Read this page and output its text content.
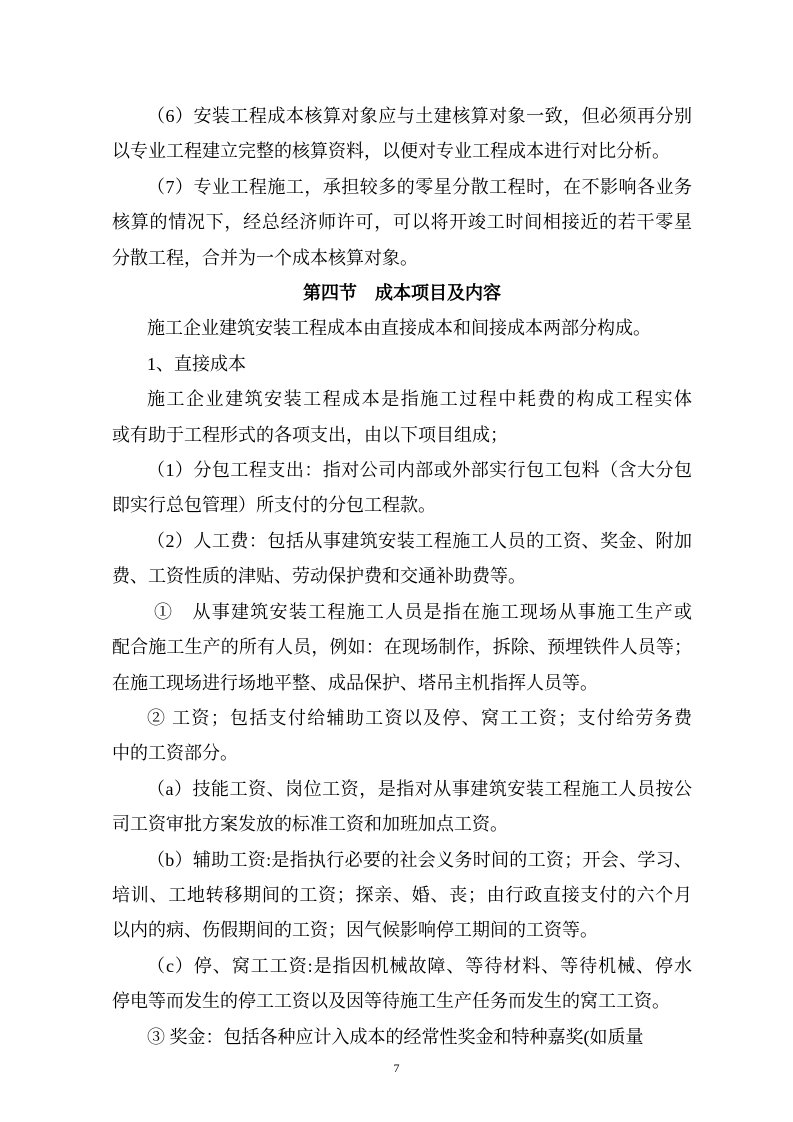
（6）安装工程成本核算对象应与土建核算对象一致，但必须再分别
以专业工程建立完整的核算资料，以便对专业工程成本进行对比分析。
（7）专业工程施工，承担较多的零星分散工程时，在不影响各业务
核算的情况下，经总经济师许可，可以将开竣工时间相接近的若干零星
分散工程，合并为一个成本核算对象。
第四节　成本项目及内容
施工企业建筑安装工程成本由直接成本和间接成本两部分构成。
1、直接成本
施工企业建筑安装工程成本是指施工过程中耗费的构成工程实体
或有助于工程形式的各项支出，由以下项目组成；
（1）分包工程支出：指对公司内部或外部实行包工包料（含大分包
即实行总包管理）所支付的分包工程款。
（2）人工费：包括从事建筑安装工程施工人员的工资、奖金、附加
费、工资性质的津贴、劳动保护费和交通补助费等。
①　从事建筑安装工程施工人员是指在施工现场从事施工生产或
配合施工生产的所有人员，例如：在现场制作，拆除、预埋铁件人员等；
在施工现场进行场地平整、成品保护、塔吊主机指挥人员等。
② 工资；包括支付给辅助工资以及停、窝工工资；支付给劳务费
中的工资部分。
（a）技能工资、岗位工资，是指对从事建筑安装工程施工人员按公
司工资审批方案发放的标准工资和加班加点工资。
（b）辅助工资:是指执行必要的社会义务时间的工资；开会、学习、
培训、工地转移期间的工资；探亲、婚、丧；由行政直接支付的六个月
以内的病、伤假期间的工资；因气候影响停工期间的工资等。
（c）停、窝工工资:是指因机械故障、等待材料、等待机械、停水
停电等而发生的停工工资以及因等待施工生产任务而发生的窝工工资。
③ 奖金：包括各种应计入成本的经常性奖金和特种嘉奖(如质量
7
